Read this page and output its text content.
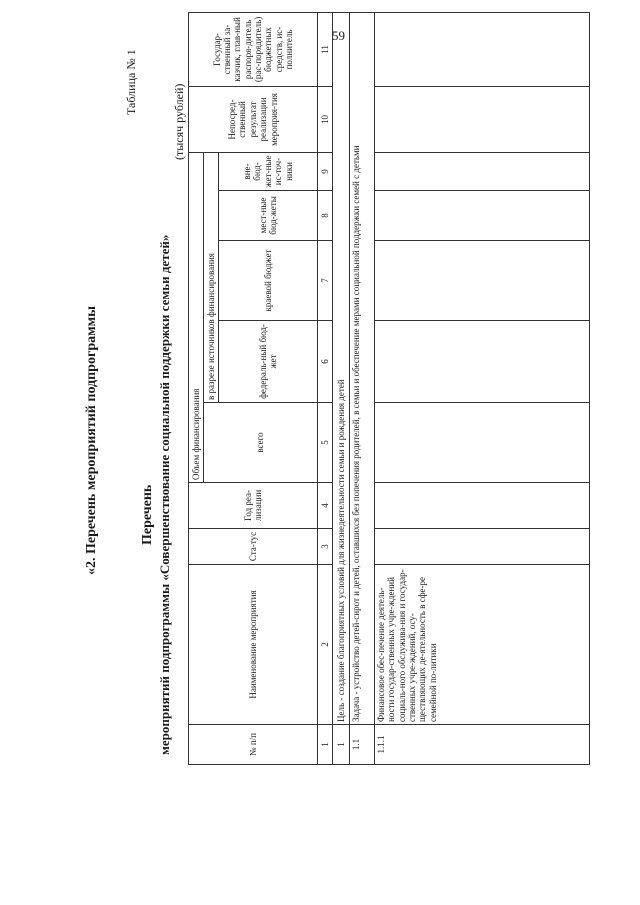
59
«2. Перечень мероприятий подпрограммы
Таблица № 1
Перечень мероприятий подпрограммы «Совершенствование социальной поддержки семьи детей»
(тысяч рублей)
№ п/п	Наименование мероприятия	Ста-тус	Год реа-лизации	Объем финансирования					Непосред-ственный результат реализации мероприя-тия	Государ-ственный за-казчик, глав-ный распоря-дитель (рас-порядитель) бюджетных средств, ис-полнитель
				всего	в разрезе источников финансирования					
					федераль-ный бюд-жет	краевой бюджет	мест-ные бюд-жеты	вне-бюд-жет-ные ис-точ-ники		
1	2	3	4	5	6	7	8	9	10	11
1	Цель - создание благоприятных условий для жизнедеятельности семьи и рождения детей									
1.1	Задача - устройство детей-сирот и детей, оставшихся без попечения родителей, в семьи и обеспечение мерами социальной поддержки семей с детьми									
1.1.1	Финансовое обес-печение деятель-ности государ-ственных учре-ждений социаль-ного обслужива-ния и государ-ственных учре-ждений, осу-ществляющих де-ятельность в сфе-ре семейной по-литики									
